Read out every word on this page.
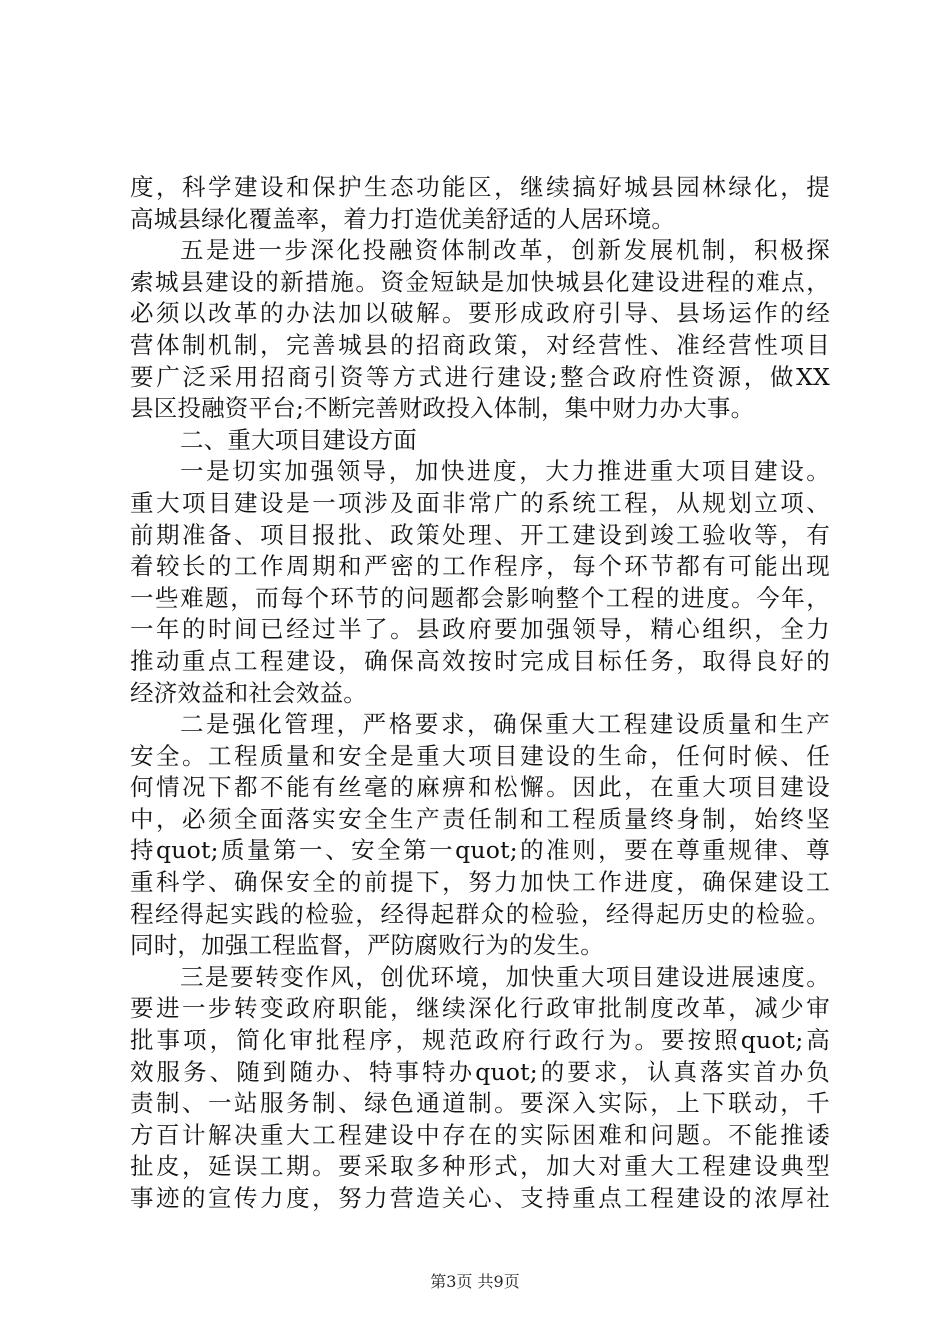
度，科学建设和保护生态功能区，继续搞好城县园林绿化，提
高城县绿化覆盖率，着力打造优美舒适的人居环境。
五是进一步深化投融资体制改革，创新发展机制，积极探
索城县建设的新措施。资金短缺是加快城县化建设进程的难点，
必须以改革的办法加以破解。要形成政府引导、县场运作的经
营体制机制，完善城县的招商政策，对经营性、准经营性项目
要广泛采用招商引资等方式进行建设;整合政府性资源，做XX
县区投融资平台;不断完善财政投入体制，集中财力办大事。
二、重大项目建设方面
一是切实加强领导，加快进度，大力推进重大项目建设。
重大项目建设是一项涉及面非常广的系统工程，从规划立项、
前期准备、项目报批、政策处理、开工建设到竣工验收等，有
着较长的工作周期和严密的工作程序，每个环节都有可能出现
一些难题，而每个环节的问题都会影响整个工程的进度。今年，
一年的时间已经过半了。县政府要加强领导，精心组织，全力
推动重点工程建设，确保高效按时完成目标任务，取得良好的
经济效益和社会效益。
二是强化管理，严格要求，确保重大工程建设质量和生产
安全。工程质量和安全是重大项目建设的生命，任何时候、任
何情况下都不能有丝毫的麻痹和松懈。因此，在重大项目建设
中，必须全面落实安全生产责任制和工程质量终身制，始终坚
持quot;质量第一、安全第一quot;的准则，要在尊重规律、尊
重科学、确保安全的前提下，努力加快工作进度，确保建设工
程经得起实践的检验，经得起群众的检验，经得起历史的检验。
同时，加强工程监督，严防腐败行为的发生。
三是要转变作风，创优环境，加快重大项目建设进展速度。
要进一步转变政府职能，继续深化行政审批制度改革，减少审
批事项，简化审批程序，规范政府行政行为。要按照quot;高
效服务、随到随办、特事特办quot;的要求，认真落实首办负
责制、一站服务制、绿色通道制。要深入实际，上下联动，千
方百计解决重大工程建设中存在的实际困难和问题。不能推诿
扯皮，延误工期。要采取多种形式，加大对重大工程建设典型
事迹的宣传力度，努力营造关心、支持重点工程建设的浓厚社
第3页 共9页
